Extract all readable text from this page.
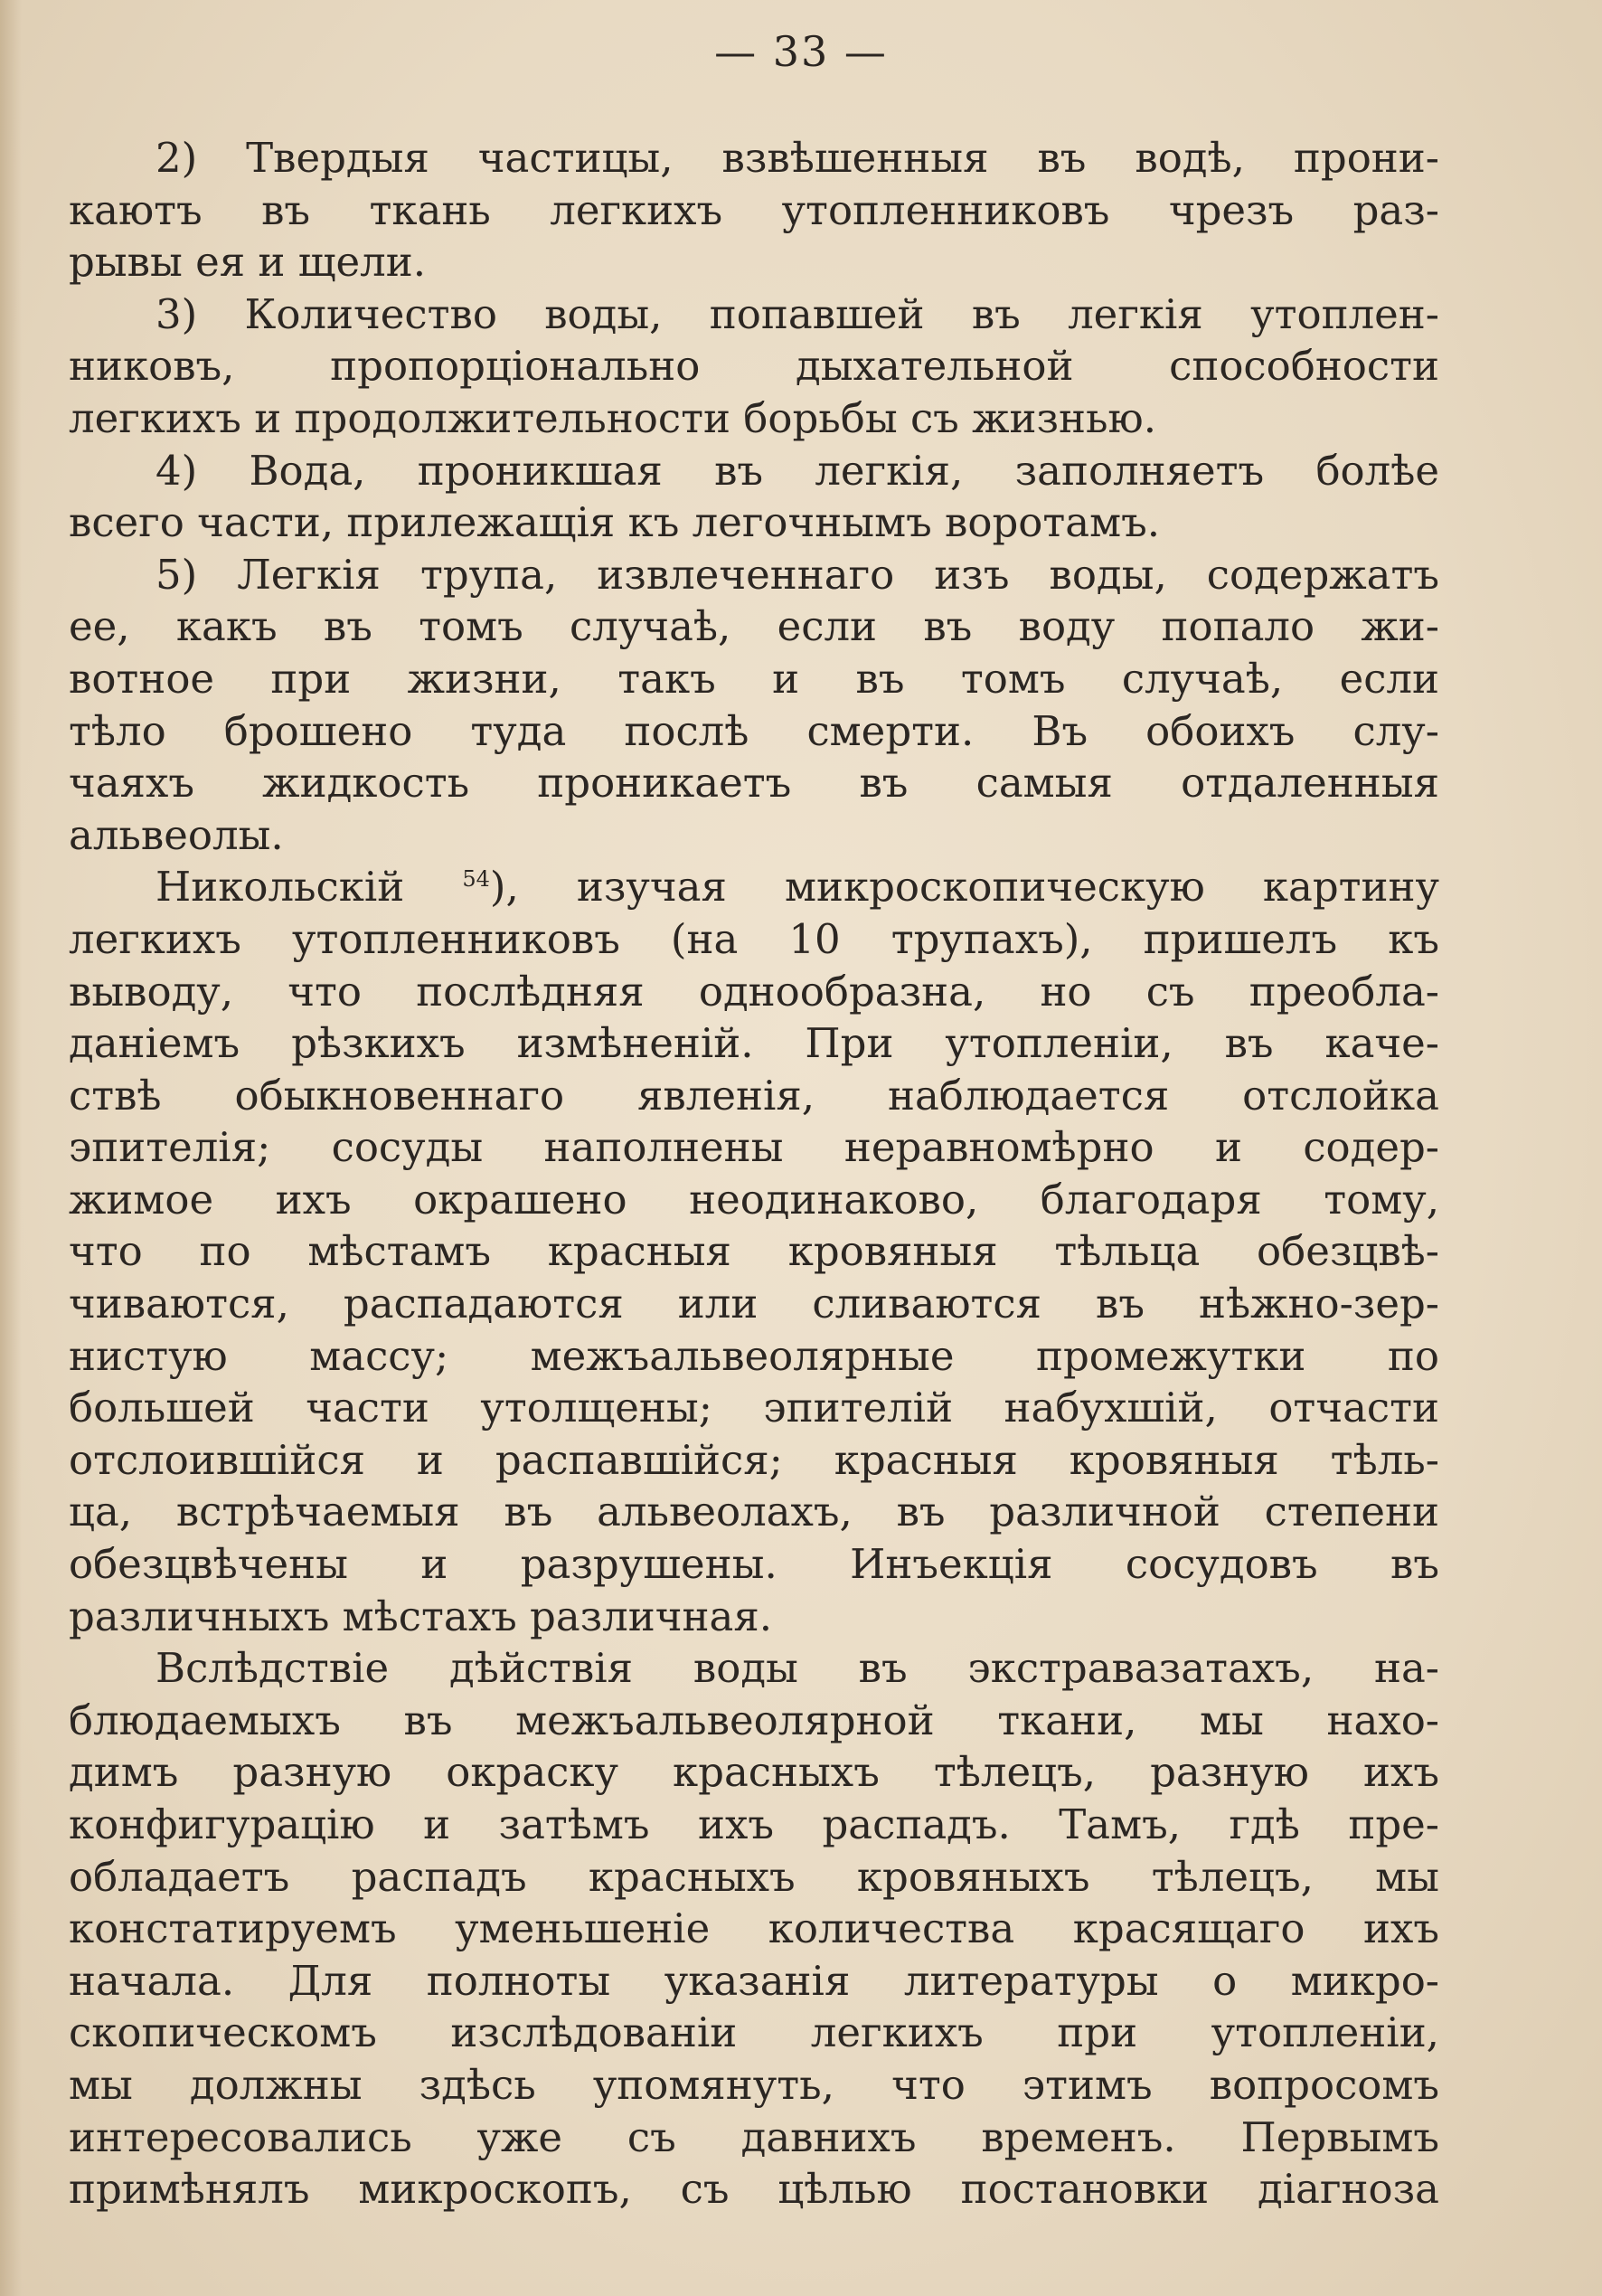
— 33 —
2) Твердыя частицы, взвѣшенныя въ водѣ, прони-
каютъ въ ткань легкихъ утопленниковъ чрезъ раз-
рывы ея и щели.
3) Количество воды, попавшей въ легкія утоплен-
никовъ, пропорціонально дыхательной способности
легкихъ и продолжительности борьбы съ жизнью.
4) Вода, проникшая въ легкія, заполняетъ болѣе
всего части, прилежащія къ легочнымъ воротамъ.
5) Легкія трупа, извлеченнаго изъ воды, содержатъ
ее, какъ въ томъ случаѣ, если въ воду попало жи-
вотное при жизни, такъ и въ томъ случаѣ, если
тѣло брошено туда послѣ смерти. Въ обоихъ слу-
чаяхъ жидкость проникаетъ въ самыя отдаленныя
альвеолы.
Никольскій	$^{54}$), изучая микроскопическую картину
легкихъ утопленниковъ (на 10 трупахъ), пришелъ къ
выводу, что послѣдняя однообразна, но съ преобла-
даніемъ рѣзкихъ измѣненій. При утопленіи, въ каче-
ствѣ обыкновеннаго явленія, наблюдается отслойка
эпителія; сосуды наполнены неравномѣрно и содер-
жимое ихъ окрашено неодинаково, благодаря тому,
что по мѣстамъ красныя кровяныя тѣльца обезцвѣ-
чиваются, распадаются или сливаются въ нѣжно-зер-
нистую массу; межъальвеолярные промежутки по
большей части утолщены; эпителій набухшій, отчасти
отслоившійся и распавшійся; красныя кровяныя тѣль-
ца, встрѣчаемыя въ альвеолахъ, въ различной степени
обезцвѣчены и разрушены. Инъекція сосудовъ въ
различныхъ мѣстахъ различная.
Вслѣдствіе дѣйствія воды въ экстравазатахъ, на-
блюдаемыхъ въ межъальвеолярной ткани, мы нахо-
димъ разную окраску красныхъ тѣлецъ, разную ихъ
конфигурацію и затѣмъ ихъ распадъ. Тамъ, гдѣ пре-
обладаетъ распадъ красныхъ кровяныхъ тѣлецъ, мы
констатируемъ уменьшеніе количества красящаго ихъ
начала. Для полноты указанія литературы о микро-
скопическомъ изслѣдованіи легкихъ при утопленіи,
мы должны здѣсь упомянуть, что этимъ вопросомъ
интересовались уже съ давнихъ временъ. Первымъ
примѣнялъ микроскопъ, съ цѣлью постановки діагноза
